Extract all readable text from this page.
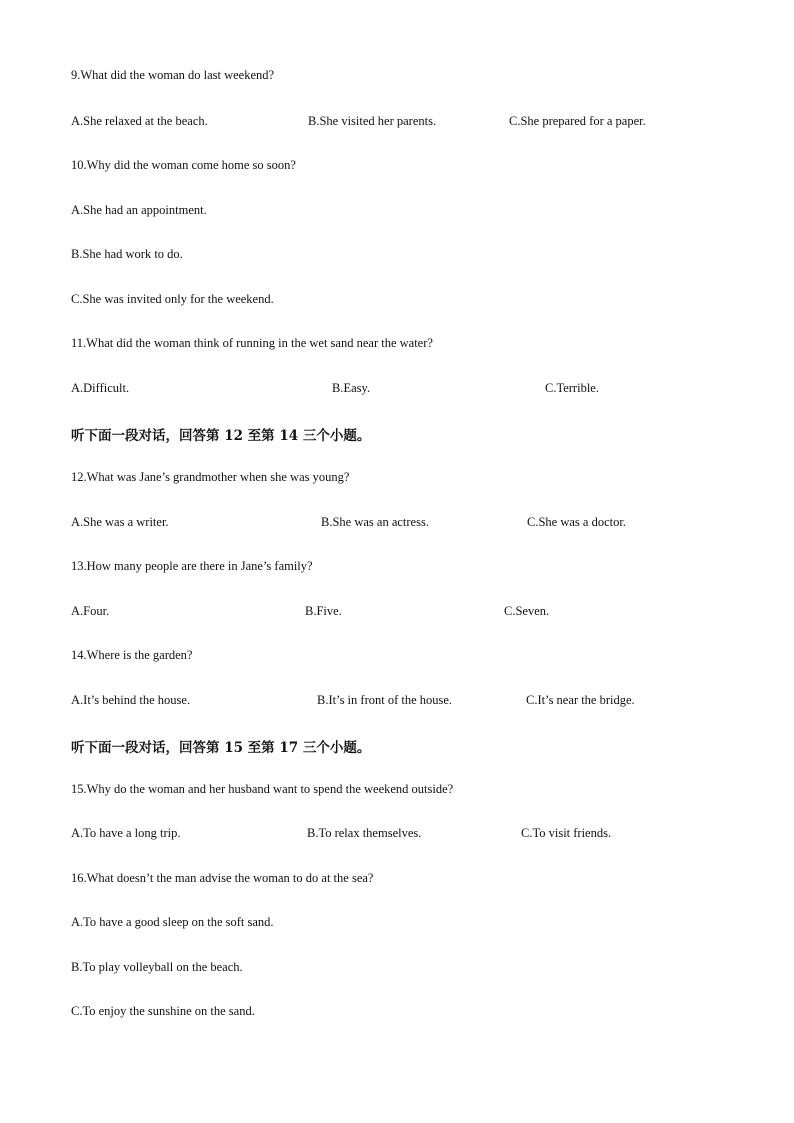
9.What did the woman do last weekend?
A.She relaxed at the beach.	B.She visited her parents.	C.She prepared for a paper.
10.Why did the woman come home so soon?
A.She had an appointment.
B.She had work to do.
C.She was invited only for the weekend.
11.What did the woman think of running in the wet sand near the water?
A.Difficult.	B.Easy.	C.Terrible.
听下面一段对话，回答第 12 至第 14 三个小题。
12.What was Jane’s grandmother when she was young?
A.She was a writer.	B.She was an actress.	C.She was a doctor.
13.How many people are there in Jane’s family?
A.Four.	B.Five.	C.Seven.
14.Where is the garden?
A.It’s behind the house.	B.It’s in front of the house.	C.It’s near the bridge.
听下面一段对话，回答第 15 至第 17 三个小题。
15.Why do the woman and her husband want to spend the weekend outside?
A.To have a long trip.	B.To relax themselves.	C.To visit friends.
16.What doesn’t the man advise the woman to do at the sea?
A.To have a good sleep on the soft sand.
B.To play volleyball on the beach.
C.To enjoy the sunshine on the sand.
